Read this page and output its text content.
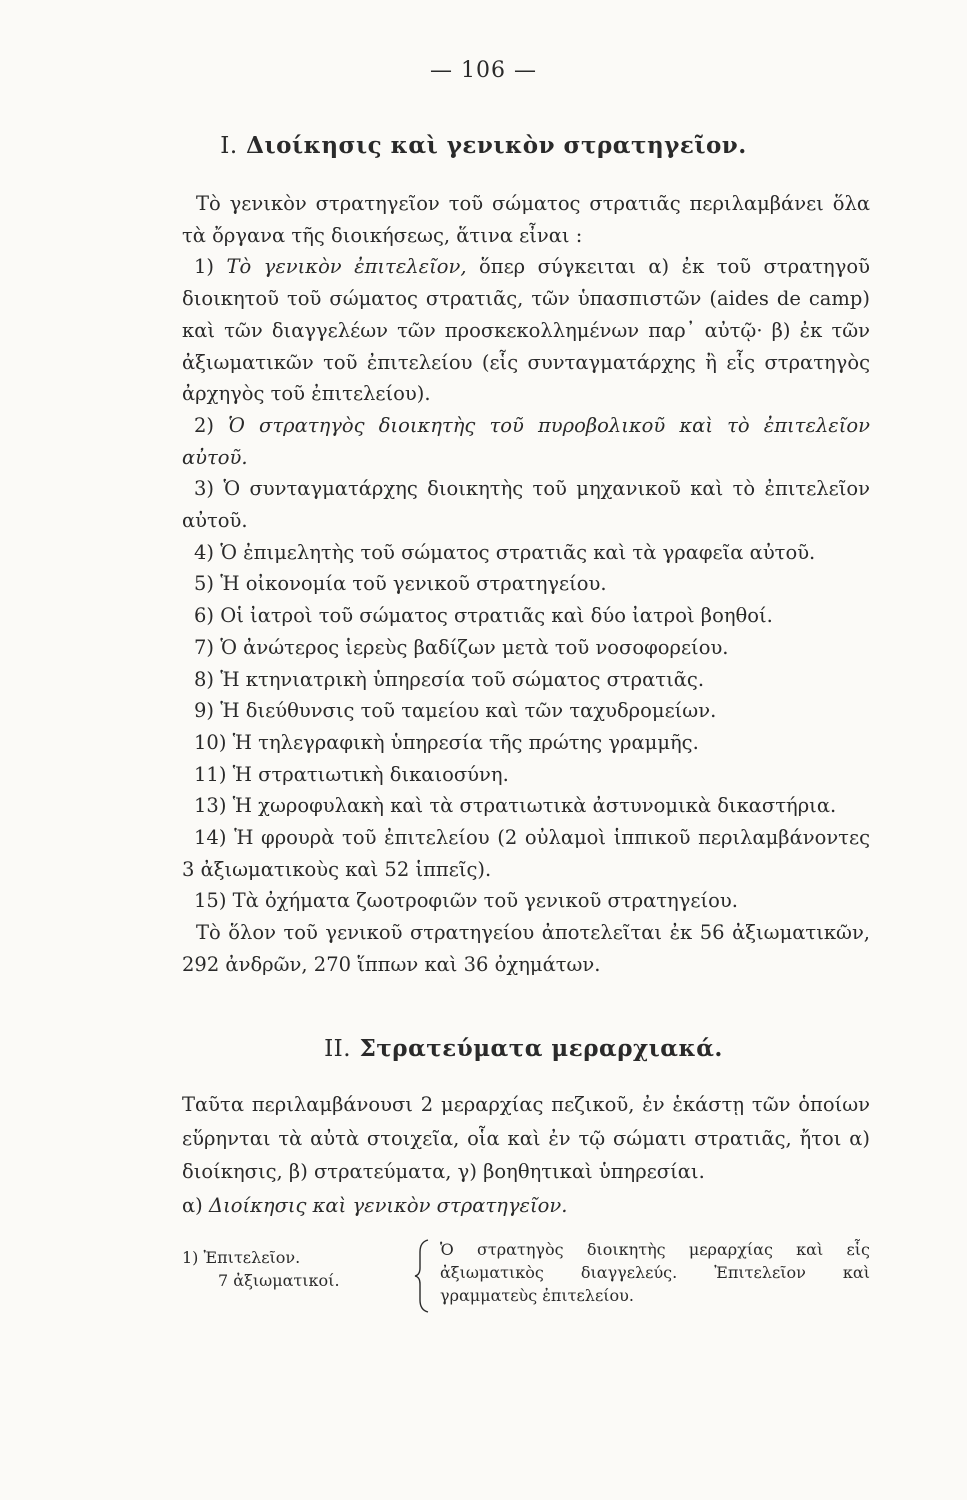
— 106 —
I. Διοίκησις καὶ γενικὸν στρατηγεῖον.

Τὸ γενικὸν στρατηγεῖον τοῦ σώματος στρατιᾶς περιλαμβάνει ὅλα τὰ ὄργανα τῆς διοικήσεως, ἅτινα εἶναι :

1) Τὸ γενικὸν ἐπιτελεῖον, ὅπερ σύγκειται α) ἐκ τοῦ στρατηγοῦ διοικητοῦ τοῦ σώματος στρατιᾶς, τῶν ὑπασπιστῶν (aides de camp) καὶ τῶν διαγγελέων τῶν προσκεκολλημένων παρ᾽ αὐτῷ· β) ἐκ τῶν ἀξιωματικῶν τοῦ ἐπιτελείου (εἷς συνταγματάρχης ἢ εἷς στρατηγὸς ἀρχηγὸς τοῦ ἐπιτελείου).

2) Ὁ στρατηγὸς διοικητὴς τοῦ πυροβολικοῦ καὶ τὸ ἐπιτελεῖον αὐτοῦ.

3) Ὁ συνταγματάρχης διοικητὴς τοῦ μηχανικοῦ καὶ τὸ ἐπιτελεῖον αὐτοῦ.

4) Ὁ ἐπιμελητὴς τοῦ σώματος στρατιᾶς καὶ τὰ γραφεῖα αὐτοῦ.

5) Ἡ οἰκονομία τοῦ γενικοῦ στρατηγείου.

6) Οἱ ἰατροὶ τοῦ σώματος στρατιᾶς καὶ δύο ἰατροὶ βοηθοί.

7) Ὁ ἀνώτερος ἱερεὺς βαδίζων μετὰ τοῦ νοσοφορείου.

8) Ἡ κτηνιατρικὴ ὑπηρεσία τοῦ σώματος στρατιᾶς.

9) Ἡ διεύθυνσις τοῦ ταμείου καὶ τῶν ταχυδρομείων.

10) Ἡ τηλεγραφικὴ ὑπηρεσία τῆς πρώτης γραμμῆς.

11) Ἡ στρατιωτικὴ δικαιοσύνη.

13) Ἡ χωροφυλακὴ καὶ τὰ στρατιωτικὰ ἀστυνομικὰ δικαστήρια.

14) Ἡ φρουρὰ τοῦ ἐπιτελείου (2 οὐλαμοὶ ἱππικοῦ περιλαμβάνοντες 3 ἀξιωματικοὺς καὶ 52 ἱππεῖς).

15) Τὰ ὀχήματα ζωοτροφιῶν τοῦ γενικοῦ στρατηγείου.

Τὸ ὅλον τοῦ γενικοῦ στρατηγείου ἀποτελεῖται ἐκ 56 ἀξιωματικῶν, 292 ἀνδρῶν, 270 ἵππων καὶ 36 ὀχημάτων.

II. Στρατεύματα μεραρχιακά.

Ταῦτα περιλαμβάνουσι 2 μεραρχίας πεζικοῦ, ἐν ἑκάστῃ τῶν ὁποίων εὕρηνται τὰ αὐτὰ στοιχεῖα, οἷα καὶ ἐν τῷ σώματι στρατιᾶς, ἤτοι α) διοίκησις, β) στρατεύματα, γ) βοηθητικαὶ ὑπηρεσίαι.

α) Διοίκησις καὶ γενικὸν στρατηγεῖον.

1) Ἐπιτελεῖον.
7 ἀξιωματικοί.
Ὁ στρατηγὸς διοικητὴς μεραρχίας καὶ εἷς ἀξιωματικὸς διαγγελεύς. Ἐπιτελεῖον καὶ γραμματεὺς ἐπιτελείου.
